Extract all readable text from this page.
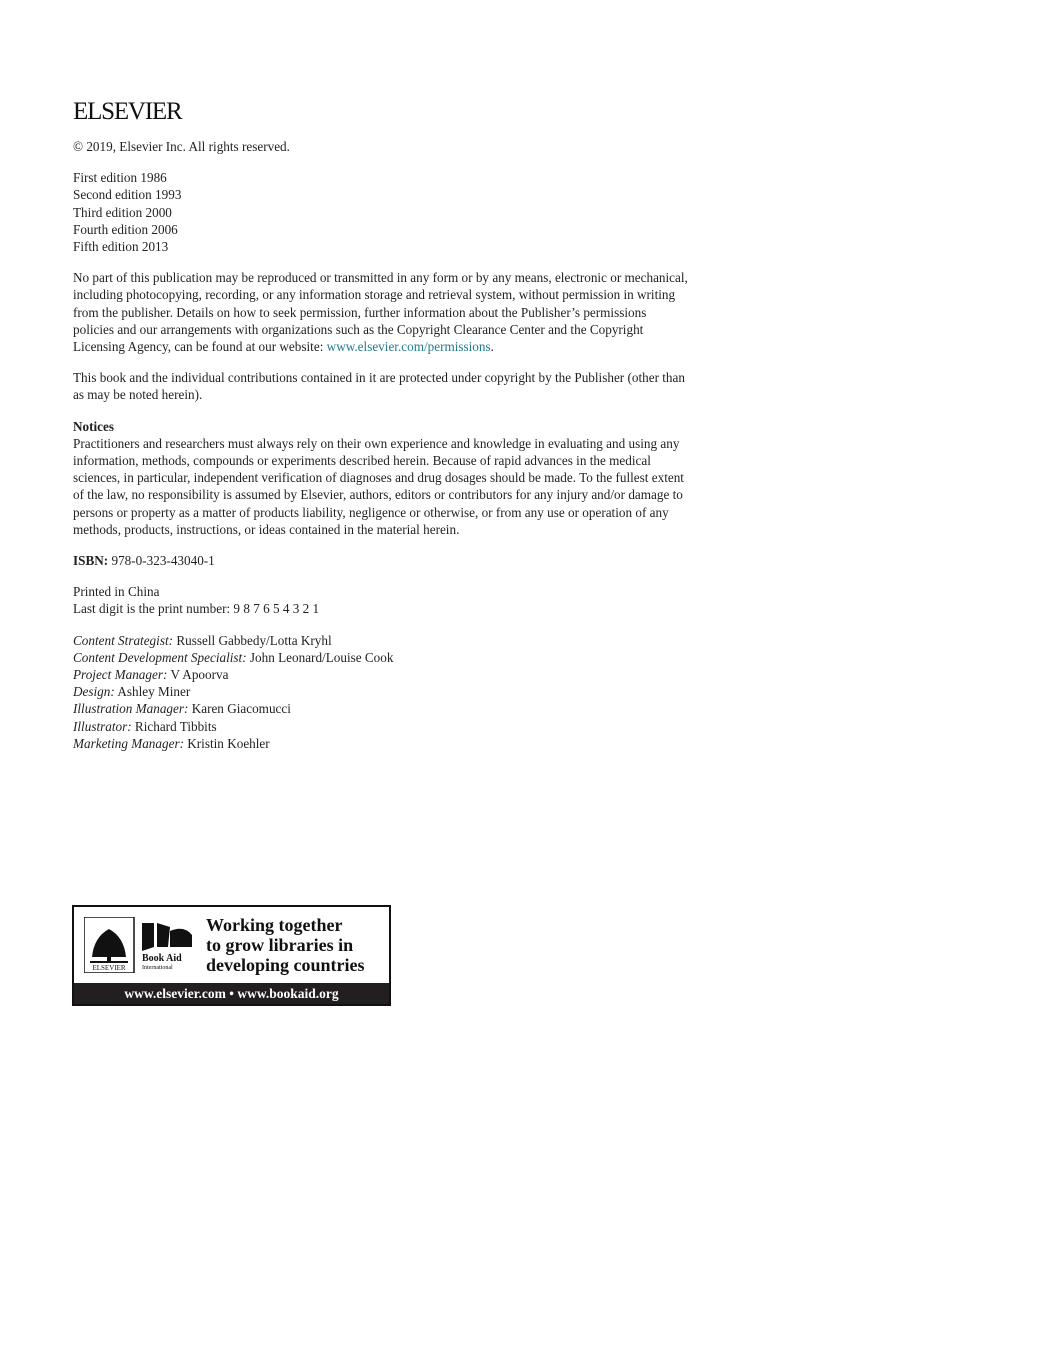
ELSEVIER

© 2019, Elsevier Inc. All rights reserved.

First edition 1986
Second edition 1993
Third edition 2000
Fourth edition 2006
Fifth edition 2013

No part of this publication may be reproduced or transmitted in any form or by any means, electronic or mechanical, including photocopying, recording, or any information storage and retrieval system, without permission in writing from the publisher. Details on how to seek permission, further information about the Publisher’s permissions policies and our arrangements with organizations such as the Copyright Clearance Center and the Copyright Licensing Agency, can be found at our website: www.elsevier.com/permissions.

This book and the individual contributions contained in it are protected under copyright by the Publisher (other than as may be noted herein).

Notices
Practitioners and researchers must always rely on their own experience and knowledge in evaluating and using any information, methods, compounds or experiments described herein. Because of rapid advances in the medical sciences, in particular, independent verification of diagnoses and drug dosages should be made. To the fullest extent of the law, no responsibility is assumed by Elsevier, authors, editors or contributors for any injury and/or damage to persons or property as a matter of products liability, negligence or otherwise, or from any use or operation of any methods, products, instructions, or ideas contained in the material herein.

ISBN: 978-0-323-43040-1

Printed in China
Last digit is the print number: 9 8 7 6 5 4 3 2 1

Content Strategist: Russell Gabbedy/Lotta Kryhl
Content Development Specialist: John Leonard/Louise Cook
Project Manager: V Apoorva
Design: Ashley Miner
Illustration Manager: Karen Giacomucci
Illustrator: Richard Tibbits
Marketing Manager: Kristin Koehler

ELSEVIER
Book Aid
International
Working together
to grow libraries in
developing countries
www.elsevier.com • www.bookaid.org
